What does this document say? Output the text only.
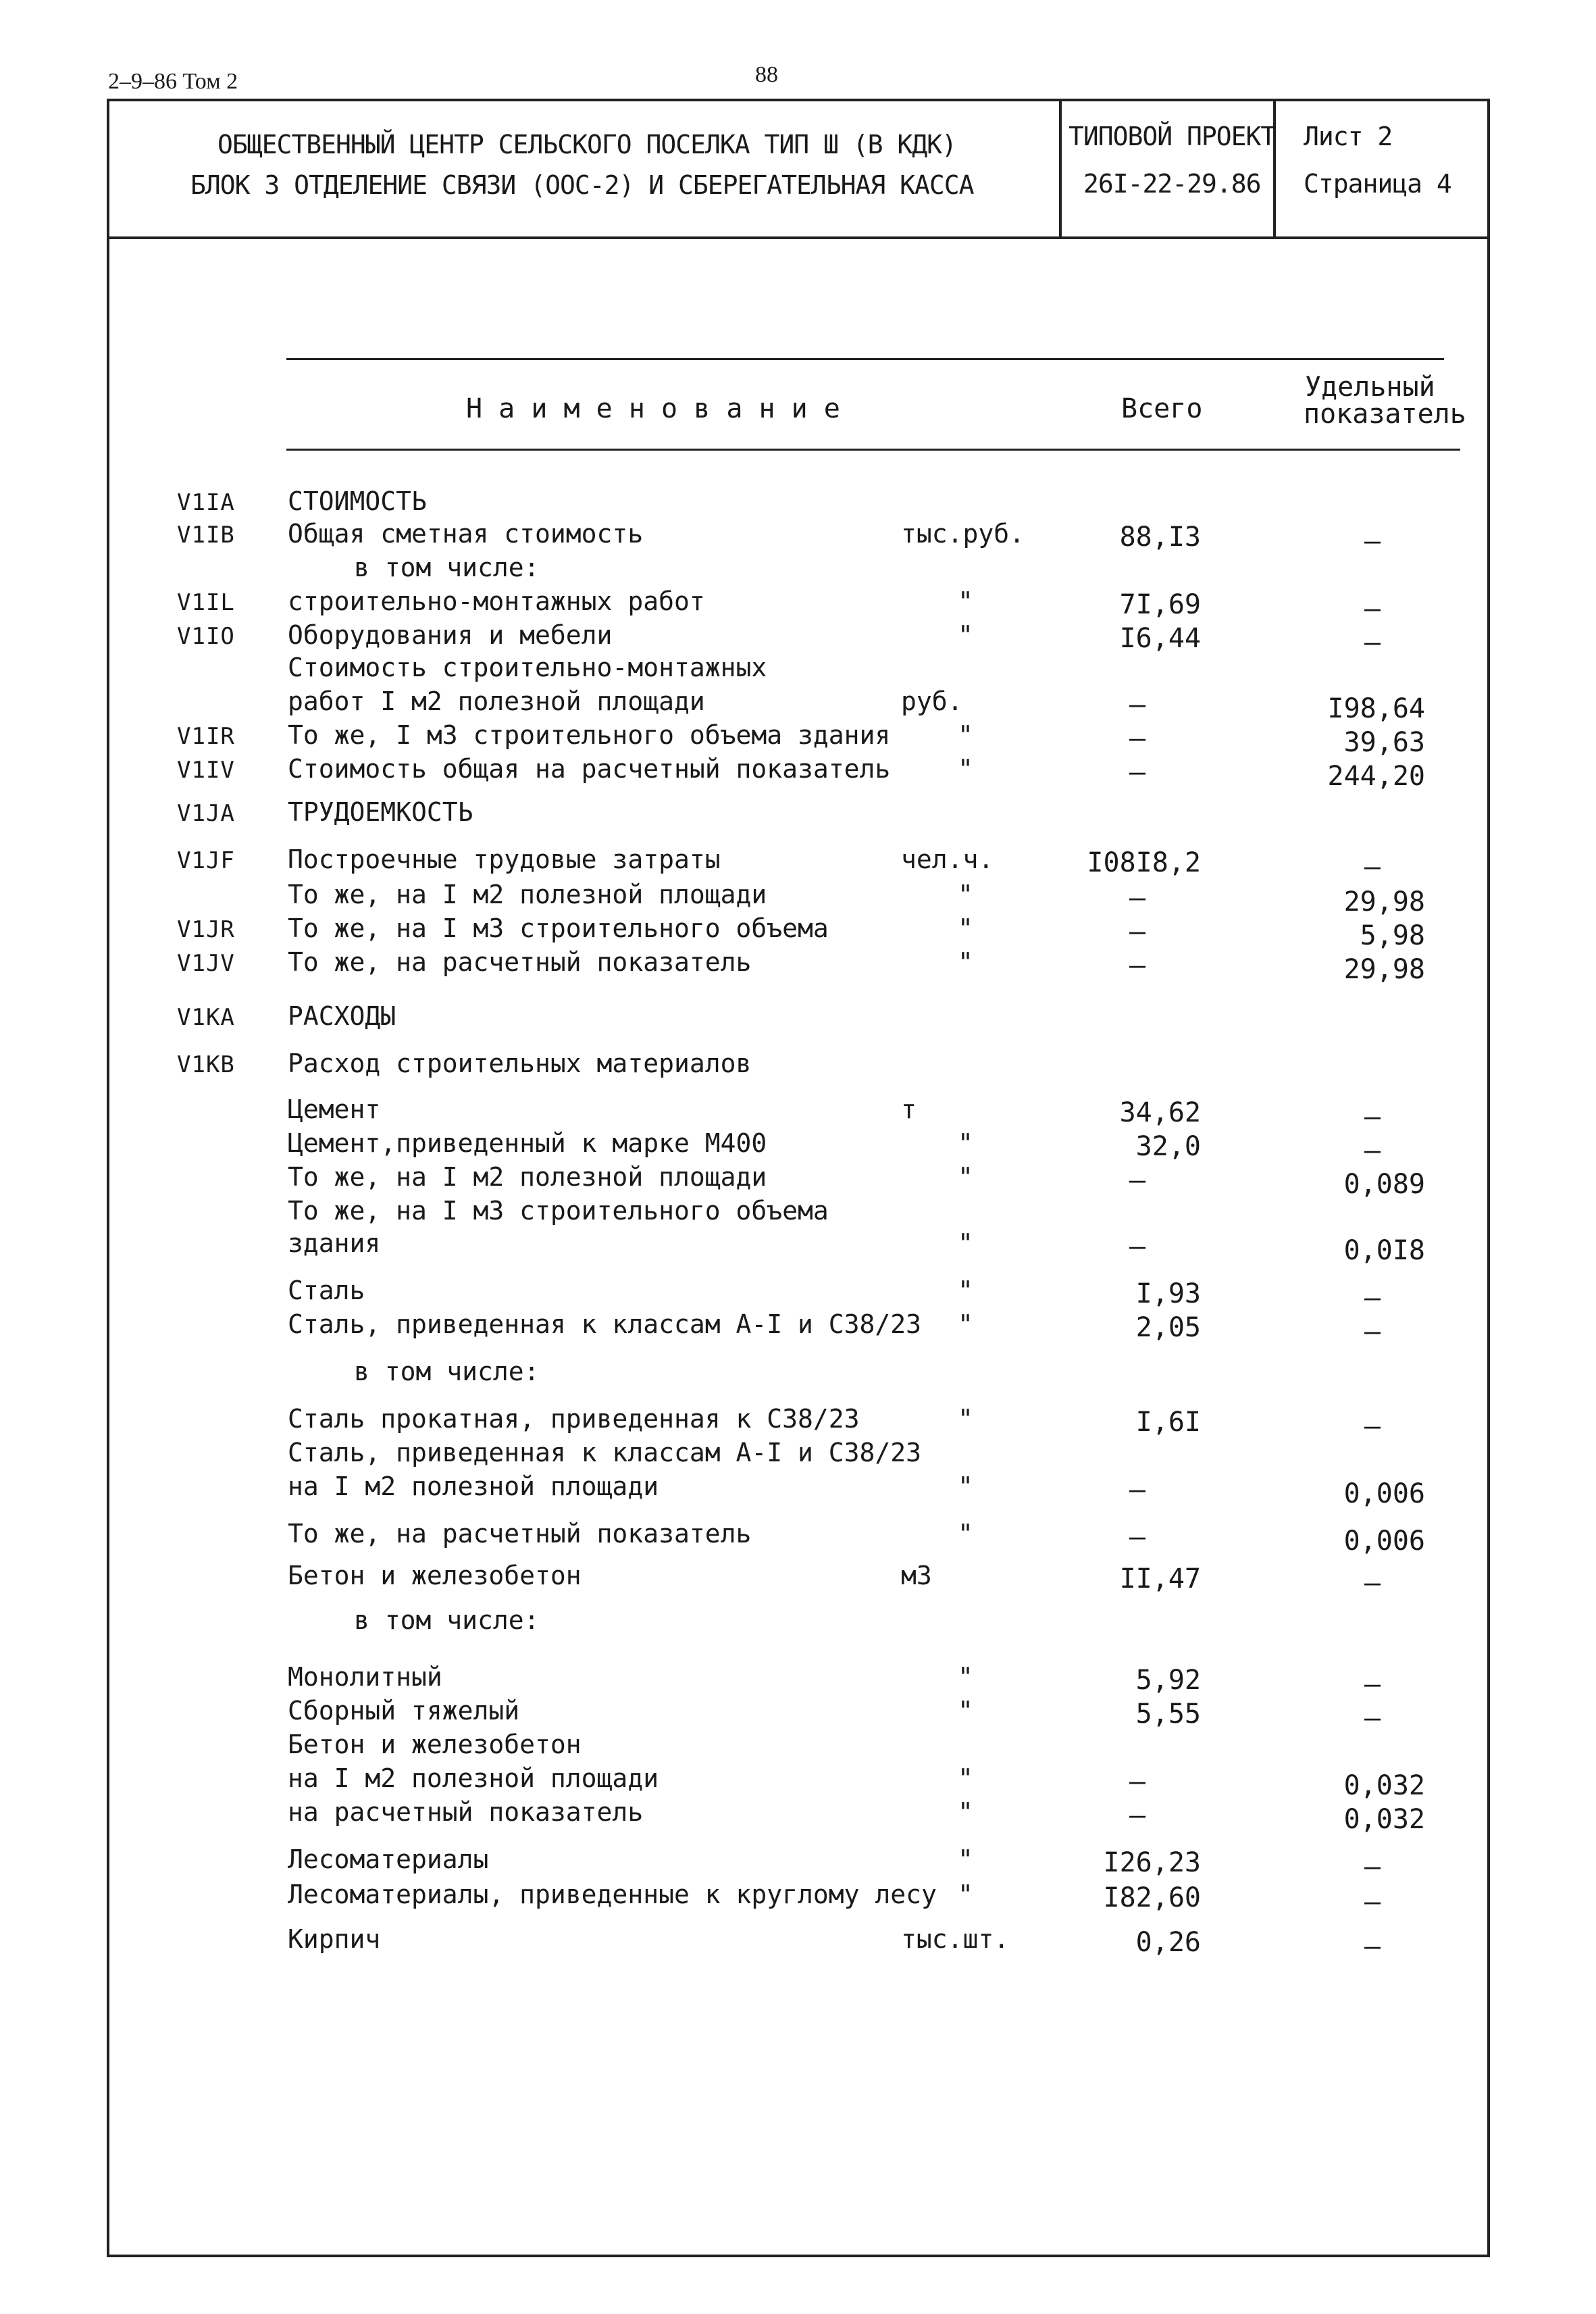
2–9–86 Том 2	88
ОБЩЕСТВЕННЫЙ ЦЕНТР СЕЛЬСКОГО ПОСЕЛКА ТИП Ш (В КДК)
БЛОК 3 ОТДЕЛЕНИЕ СВЯЗИ (ООС-2) И СБЕРЕГАТЕЛЬНАЯ КАССА
ТИПОВОЙ ПРОЕКТ
26I-22-29.86
Лист 2
Страница 4
Н а и м е н о в а н и е	Всего
Удельный
показатель
V1IA СТОИМОСТЬ
V1IB Общая сметная стоимость	тыс.руб.	88,I3	–
в том числе:
V1IL строительно-монтажных работ	"	7I,69	–
V1IO Оборудования и мебели	"	I6,44	–
Стоимость строительно-монтажных
работ I м2 полезной площади	руб.	–	I98,64
V1IR То же, I м3 строительного объема здания	"	–	39,63
V1IV Стоимость общая на расчетный показатель	"	–	244,20
V1JA ТРУДОЕМКОСТЬ
V1JF Построечные трудовые затраты	чел.ч.	I08I8,2	–
То же, на I м2 полезной площади	"	–	29,98
V1JR То же, на I м3 строительного объема	"	–	5,98
V1JV То же, на расчетный показатель	"	–	29,98
V1KA РАСХОДЫ
V1KB Расход строительных материалов
Цемент	т	34,62	–
Цемент,приведенный к марке М400	"	32,0	–
То же, на I м2 полезной площади	"	–	0,089
То же, на I м3 строительного объема
здания	"	–	0,0I8
Сталь	"	I,93	–
Сталь, приведенная к классам А-I и С38/23 "	2,05	–
в том числе:
Сталь прокатная, приведенная к С38/23	"	I,6I	–
Сталь, приведенная к классам А-I и С38/23
на I м2 полезной площади	"	–	0,006
То же, на расчетный показатель	"	–	0,006
Бетон и железобетон	м3	II,47	–
в том числе:
Монолитный	"	5,92	–
Сборный тяжелый	"	5,55	–
Бетон и железобетон
на I м2 полезной площади	"	–	0,032
на расчетный показатель	"	–	0,032
Лесоматериалы	"	I26,23	–
Лесоматериалы, приведенные к круглому лесу "	I82,60	–
Кирпич	тыс.шт.	0,26	–
